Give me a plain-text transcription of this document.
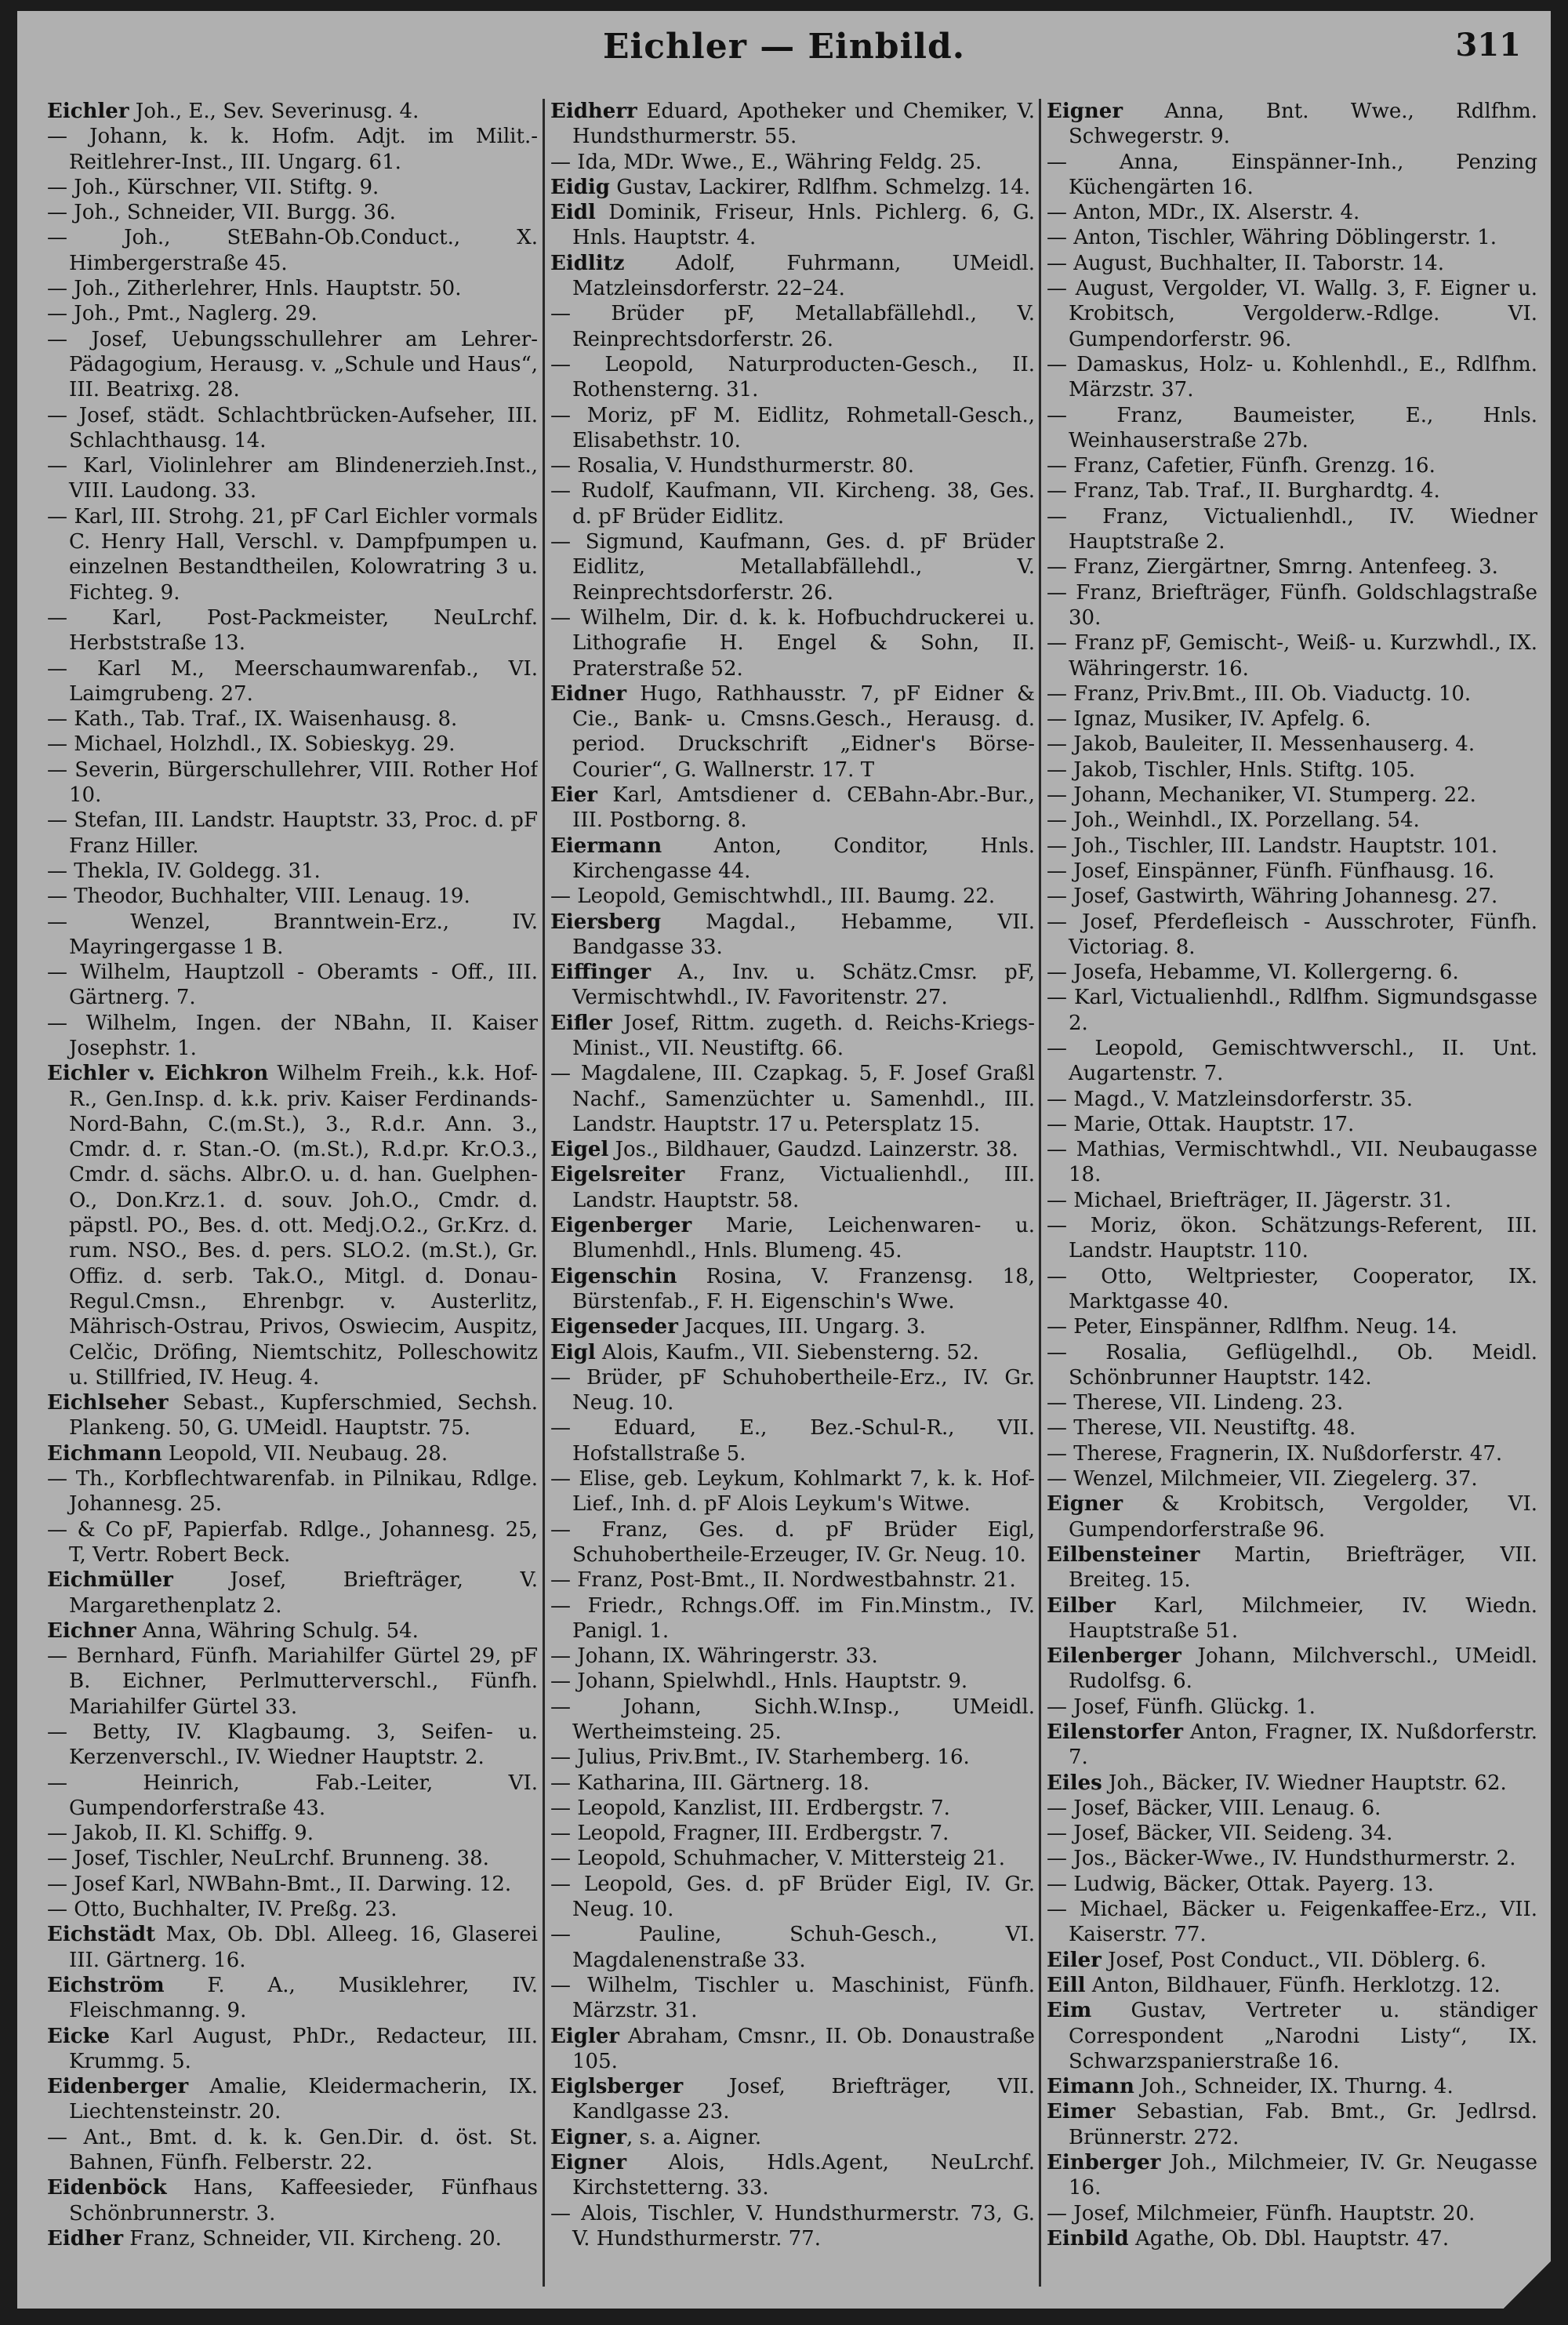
Eichler — Einbild.	311

Eichler Joh., E., Sev. Severinusg. 4.

— Johann, k. k. Hofm. Adjt. im Milit.-Reitlehrer-Inst., III. Ungarg. 61.

— Joh., Kürschner, VII. Stiftg. 9.

— Joh., Schneider, VII. Burgg. 36.

— Joh., StEBahn-Ob.Conduct., X. Himbergerstraße 45.

— Joh., Zitherlehrer, Hnls. Hauptstr. 50.

— Joh., Pmt., Naglerg. 29.

— Josef, Uebungsschullehrer am Lehrer-Pädagogium, Herausg. v. „Schule und Haus“, III. Beatrixg. 28.

— Josef, städt. Schlachtbrücken-Aufseher, III. Schlachthausg. 14.

— Karl, Violinlehrer am Blindenerzieh.Inst., VIII. Laudong. 33.

— Karl, III. Strohg. 21, pF Carl Eichler vormals C. Henry Hall, Verschl. v. Dampfpumpen u. einzelnen Bestandtheilen, Kolowratring 3 u. Fichteg. 9.

— Karl, Post-Packmeister, NeuLrchf. Herbststraße 13.

— Karl M., Meerschaumwarenfab., VI. Laimgrubeng. 27.

— Kath., Tab. Traf., IX. Waisenhausg. 8.

— Michael, Holzhdl., IX. Sobieskyg. 29.

— Severin, Bürgerschullehrer, VIII. Rother Hof 10.

— Stefan, III. Landstr. Hauptstr. 33, Proc. d. pF Franz Hiller.

— Thekla, IV. Goldegg. 31.

— Theodor, Buchhalter, VIII. Lenaug. 19.

— Wenzel, Branntwein-Erz., IV. Mayringergasse 1 B.

— Wilhelm, Hauptzoll - Oberamts - Off., III. Gärtnerg. 7.

— Wilhelm, Ingen. der NBahn, II. Kaiser Josephstr. 1.

Eichler v. Eichkron Wilhelm Freih., k.k. Hof-R., Gen.Insp. d. k.k. priv. Kaiser Ferdinands-Nord-Bahn, C.(m.St.), 3., R.d.r. Ann. 3., Cmdr. d. r. Stan.-O. (m.St.), R.d.pr. Kr.O.3., Cmdr. d. sächs. Albr.O. u. d. han. Guelphen-O., Don.Krz.1. d. souv. Joh.O., Cmdr. d. päpstl. PO., Bes. d. ott. Medj.O.2., Gr.Krz. d. rum. NSO., Bes. d. pers. SLO.2. (m.St.), Gr. Offiz. d. serb. Tak.O., Mitgl. d. Donau-Regul.Cmsn., Ehrenbgr. v. Austerlitz, Mährisch-Ostrau, Privos, Oswiecim, Auspitz, Celčic, Dröfing, Niemtschitz, Polleschowitz u. Stillfried, IV. Heug. 4.

Eichlseher Sebast., Kupferschmied, Sechsh. Plankeng. 50, G. UMeidl. Hauptstr. 75.

Eichmann Leopold, VII. Neubaug. 28.

— Th., Korbflechtwarenfab. in Pilnikau, Rdlge. Johannesg. 25.

— & Co pF, Papierfab. Rdlge., Johannesg. 25, T, Vertr. Robert Beck.

Eichmüller Josef, Briefträger, V. Margarethenplatz 2.

Eichner Anna, Währing Schulg. 54.

— Bernhard, Fünfh. Mariahilfer Gürtel 29, pF B. Eichner, Perlmutterverschl., Fünfh. Mariahilfer Gürtel 33.

— Betty, IV. Klagbaumg. 3, Seifen- u. Kerzenverschl., IV. Wiedner Hauptstr. 2.

— Heinrich, Fab.-Leiter, VI. Gumpendorferstraße 43.

— Jakob, II. Kl. Schiffg. 9.

— Josef, Tischler, NeuLrchf. Brunneng. 38.

— Josef Karl, NWBahn-Bmt., II. Darwing. 12.

— Otto, Buchhalter, IV. Preßg. 23.

Eichstädt Max, Ob. Dbl. Alleeg. 16, Glaserei III. Gärtnerg. 16.

Eichström F. A., Musiklehrer, IV. Fleischmanng. 9.

Eicke Karl August, PhDr., Redacteur, III. Krummg. 5.

Eidenberger Amalie, Kleidermacherin, IX. Liechtensteinstr. 20.

— Ant., Bmt. d. k. k. Gen.Dir. d. öst. St. Bahnen, Fünfh. Felberstr. 22.

Eidenböck Hans, Kaffeesieder, Fünfhaus Schönbrunnerstr. 3.

Eidher Franz, Schneider, VII. Kircheng. 20.

Eidherr Eduard, Apotheker und Chemiker, V. Hundsthurmerstr. 55.

— Ida, MDr. Wwe., E., Währing Feldg. 25.

Eidig Gustav, Lackirer, Rdlfhm. Schmelzg. 14.

Eidl Dominik, Friseur, Hnls. Pichlerg. 6, G. Hnls. Hauptstr. 4.

Eidlitz Adolf, Fuhrmann, UMeidl. Matzleinsdorferstr. 22–24.

— Brüder pF, Metallabfällehdl., V. Reinprechtsdorferstr. 26.

— Leopold, Naturproducten-Gesch., II. Rothensterng. 31.

— Moriz, pF M. Eidlitz, Rohmetall-Gesch., Elisabethstr. 10.

— Rosalia, V. Hundsthurmerstr. 80.

— Rudolf, Kaufmann, VII. Kircheng. 38, Ges. d. pF Brüder Eidlitz.

— Sigmund, Kaufmann, Ges. d. pF Brüder Eidlitz, Metallabfällehdl., V. Reinprechtsdorferstr. 26.

— Wilhelm, Dir. d. k. k. Hofbuchdruckerei u. Lithografie H. Engel & Sohn, II. Praterstraße 52.

Eidner Hugo, Rathhausstr. 7, pF Eidner & Cie., Bank- u. Cmsns.Gesch., Herausg. d. period. Druckschrift „Eidner's Börse-Courier“, G. Wallnerstr. 17. T

Eier Karl, Amtsdiener d. CEBahn-Abr.-Bur., III. Postborng. 8.

Eiermann Anton, Conditor, Hnls. Kirchengasse 44.

— Leopold, Gemischtwhdl., III. Baumg. 22.

Eiersberg Magdal., Hebamme, VII. Bandgasse 33.

Eiffinger A., Inv. u. Schätz.Cmsr. pF, Vermischtwhdl., IV. Favoritenstr. 27.

Eifler Josef, Rittm. zugeth. d. Reichs-Kriegs-Minist., VII. Neustiftg. 66.

— Magdalene, III. Czapkag. 5, F. Josef Graßl Nachf., Samenzüchter u. Samenhdl., III. Landstr. Hauptstr. 17 u. Petersplatz 15.

Eigel Jos., Bildhauer, Gaudzd. Lainzerstr. 38.

Eigelsreiter Franz, Victualienhdl., III. Landstr. Hauptstr. 58.

Eigenberger Marie, Leichenwaren- u. Blumenhdl., Hnls. Blumeng. 45.

Eigenschin Rosina, V. Franzensg. 18, Bürstenfab., F. H. Eigenschin's Wwe.

Eigenseder Jacques, III. Ungarg. 3.

Eigl Alois, Kaufm., VII. Siebensterng. 52.

— Brüder, pF Schuhobertheile-Erz., IV. Gr. Neug. 10.

— Eduard, E., Bez.-Schul-R., VII. Hofstallstraße 5.

— Elise, geb. Leykum, Kohlmarkt 7, k. k. Hof-Lief., Inh. d. pF Alois Leykum's Witwe.

— Franz, Ges. d. pF Brüder Eigl, Schuhobertheile-Erzeuger, IV. Gr. Neug. 10.

— Franz, Post-Bmt., II. Nordwestbahnstr. 21.

— Friedr., Rchngs.Off. im Fin.Minstm., IV. Panigl. 1.

— Johann, IX. Währingerstr. 33.

— Johann, Spielwhdl., Hnls. Hauptstr. 9.

— Johann, Sichh.W.Insp., UMeidl. Wertheimsteing. 25.

— Julius, Priv.Bmt., IV. Starhemberg. 16.

— Katharina, III. Gärtnerg. 18.

— Leopold, Kanzlist, III. Erdbergstr. 7.

— Leopold, Fragner, III. Erdbergstr. 7.

— Leopold, Schuhmacher, V. Mittersteig 21.

— Leopold, Ges. d. pF Brüder Eigl, IV. Gr. Neug. 10.

— Pauline, Schuh-Gesch., VI. Magdalenenstraße 33.

— Wilhelm, Tischler u. Maschinist, Fünfh. Märzstr. 31.

Eigler Abraham, Cmsnr., II. Ob. Donaustraße 105.

Eiglsberger Josef, Briefträger, VII. Kandlgasse 23.

Eigner, s. a. Aigner.

Eigner Alois, Hdls.Agent, NeuLrchf. Kirchstetterng. 33.

— Alois, Tischler, V. Hundsthurmerstr. 73, G. V. Hundsthurmerstr. 77.

Eigner Anna, Bnt. Wwe., Rdlfhm. Schwegerstr. 9.

— Anna, Einspänner-Inh., Penzing Küchengärten 16.

— Anton, MDr., IX. Alserstr. 4.

— Anton, Tischler, Währing Döblingerstr. 1.

— August, Buchhalter, II. Taborstr. 14.

— August, Vergolder, VI. Wallg. 3, F. Eigner u. Krobitsch, Vergolderw.-Rdlge. VI. Gumpendorferstr. 96.

— Damaskus, Holz- u. Kohlenhdl., E., Rdlfhm. Märzstr. 37.

— Franz, Baumeister, E., Hnls. Weinhauserstraße 27b.

— Franz, Cafetier, Fünfh. Grenzg. 16.

— Franz, Tab. Traf., II. Burghardtg. 4.

— Franz, Victualienhdl., IV. Wiedner Hauptstraße 2.

— Franz, Ziergärtner, Smrng. Antenfeeg. 3.

— Franz, Briefträger, Fünfh. Goldschlagstraße 30.

— Franz pF, Gemischt-, Weiß- u. Kurzwhdl., IX. Währingerstr. 16.

— Franz, Priv.Bmt., III. Ob. Viaductg. 10.

— Ignaz, Musiker, IV. Apfelg. 6.

— Jakob, Bauleiter, II. Messenhauserg. 4.

— Jakob, Tischler, Hnls. Stiftg. 105.

— Johann, Mechaniker, VI. Stumperg. 22.

— Joh., Weinhdl., IX. Porzellang. 54.

— Joh., Tischler, III. Landstr. Hauptstr. 101.

— Josef, Einspänner, Fünfh. Fünfhausg. 16.

— Josef, Gastwirth, Währing Johannesg. 27.

— Josef, Pferdefleisch - Ausschroter, Fünfh. Victoriag. 8.

— Josefa, Hebamme, VI. Kollergerng. 6.

— Karl, Victualienhdl., Rdlfhm. Sigmundsgasse 2.

— Leopold, Gemischtwverschl., II. Unt. Augartenstr. 7.

— Magd., V. Matzleinsdorferstr. 35.

— Marie, Ottak. Hauptstr. 17.

— Mathias, Vermischtwhdl., VII. Neubaugasse 18.

— Michael, Briefträger, II. Jägerstr. 31.

— Moriz, ökon. Schätzungs-Referent, III. Landstr. Hauptstr. 110.

— Otto, Weltpriester, Cooperator, IX. Marktgasse 40.

— Peter, Einspänner, Rdlfhm. Neug. 14.

— Rosalia, Geflügelhdl., Ob. Meidl. Schönbrunner Hauptstr. 142.

— Therese, VII. Lindeng. 23.

— Therese, VII. Neustiftg. 48.

— Therese, Fragnerin, IX. Nußdorferstr. 47.

— Wenzel, Milchmeier, VII. Ziegelerg. 37.

Eigner & Krobitsch, Vergolder, VI. Gumpendorferstraße 96.

Eilbensteiner Martin, Briefträger, VII. Breiteg. 15.

Eilber Karl, Milchmeier, IV. Wiedn. Hauptstraße 51.

Eilenberger Johann, Milchverschl., UMeidl. Rudolfsg. 6.

— Josef, Fünfh. Glückg. 1.

Eilenstorfer Anton, Fragner, IX. Nußdorferstr. 7.

Eiles Joh., Bäcker, IV. Wiedner Hauptstr. 62.

— Josef, Bäcker, VIII. Lenaug. 6.

— Josef, Bäcker, VII. Seideng. 34.

— Jos., Bäcker-Wwe., IV. Hundsthurmerstr. 2.

— Ludwig, Bäcker, Ottak. Payerg. 13.

— Michael, Bäcker u. Feigenkaffee-Erz., VII. Kaiserstr. 77.

Eiler Josef, Post Conduct., VII. Döblerg. 6.

Eill Anton, Bildhauer, Fünfh. Herklotzg. 12.

Eim Gustav, Vertreter u. ständiger Correspondent „Narodni Listy“, IX. Schwarzspanierstraße 16.

Eimann Joh., Schneider, IX. Thurng. 4.

Eimer Sebastian, Fab. Bmt., Gr. Jedlrsd. Brünnerstr. 272.

Einberger Joh., Milchmeier, IV. Gr. Neugasse 16.

— Josef, Milchmeier, Fünfh. Hauptstr. 20.

Einbild Agathe, Ob. Dbl. Hauptstr. 47.
